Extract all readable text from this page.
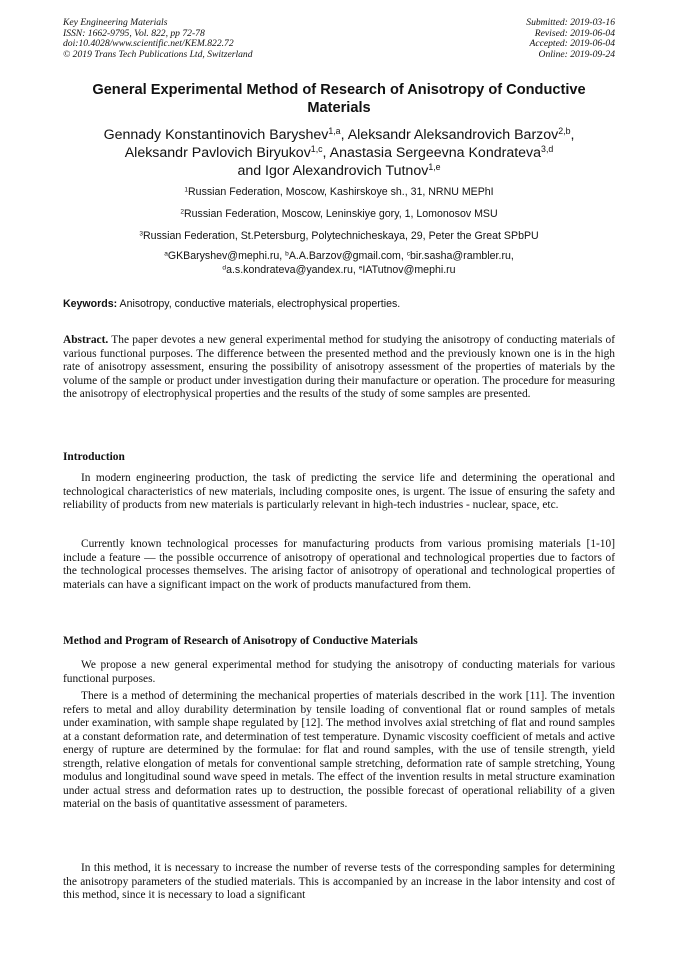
Key Engineering Materials
ISSN: 1662-9795, Vol. 822, pp 72-78
doi:10.4028/www.scientific.net/KEM.822.72
© 2019 Trans Tech Publications Ltd, Switzerland
Submitted: 2019-03-16
Revised: 2019-06-04
Accepted: 2019-06-04
Online: 2019-09-24
General Experimental Method of Research of Anisotropy of Conductive
Materials
Gennady Konstantinovich Baryshev$^{1,a}$, Aleksandr Aleksandrovich Barzov$^{2,b}$,
Aleksandr Pavlovich Biryukov$^{1,c}$, Anastasia Sergeevna Kondrateva$^{3,d}$
and Igor Alexandrovich Tutnov$^{1,e}$
$^1$Russian Federation, Moscow, Kashirskoye sh., 31, NRNU MEPhI
$^2$Russian Federation, Moscow, Leninskiye gory, 1, Lomonosov MSU
$^3$Russian Federation, St.Petersburg, Polytechnicheskaya, 29, Peter the Great SPbPU
$^a$GKBaryshev@mephi.ru, $^b$A.A.Barzov@gmail.com, $^c$bir.sasha@rambler.ru,
$^d$a.s.kondrateva@yandex.ru, $^e$IATutnov@mephi.ru
Keywords: Anisotropy, conductive materials, electrophysical properties.
Abstract. The paper devotes a new general experimental method for studying the anisotropy of conducting materials of various functional purposes. The difference between the presented method and the previously known one is in the high rate of anisotropy assessment, ensuring the possibility of anisotropy assessment of the properties of materials by the volume of the sample or product under investigation during their manufacture or operation. The procedure for measuring the anisotropy of electrophysical properties and the results of the study of some samples are presented.
Introduction
In modern engineering production, the task of predicting the service life and determining the operational and technological characteristics of new materials, including composite ones, is urgent. The issue of ensuring the safety and reliability of products from new materials is particularly relevant in high-tech industries - nuclear, space, etc.
Currently known technological processes for manufacturing products from various promising materials [1-10] include a feature — the possible occurrence of anisotropy of operational and technological properties due to factors of the technological processes themselves. The arising factor of anisotropy of operational and technological properties of materials can have a significant impact on the work of products manufactured from them.
Method and Program of Research of Anisotropy of Conductive Materials
We propose a new general experimental method for studying the anisotropy of conducting materials for various functional purposes.
There is a method of determining the mechanical properties of materials described in the work [11]. The invention refers to metal and alloy durability determination by tensile loading of conventional flat or round samples of metals under examination, with sample shape regulated by [12]. The method involves axial stretching of flat and round samples at a constant deformation rate, and determination of test temperature. Dynamic viscosity coefficient of metals and active energy of rupture are determined by the formulae: for flat and round samples, with the use of tensile strength, yield strength, relative elongation of metals for conventional sample stretching, deformation rate of sample stretching, Young modulus and longitudinal sound wave speed in metals. The effect of the invention results in metal structure examination under actual stress and deformation rates up to destruction, the possible forecast of operational reliability of a given material on the basis of quantitative assessment of parameters.
In this method, it is necessary to increase the number of reverse tests of the corresponding samples for determining the anisotropy parameters of the studied materials. This is accompanied by an increase in the labor intensity and cost of this method, since it is necessary to load a significant
